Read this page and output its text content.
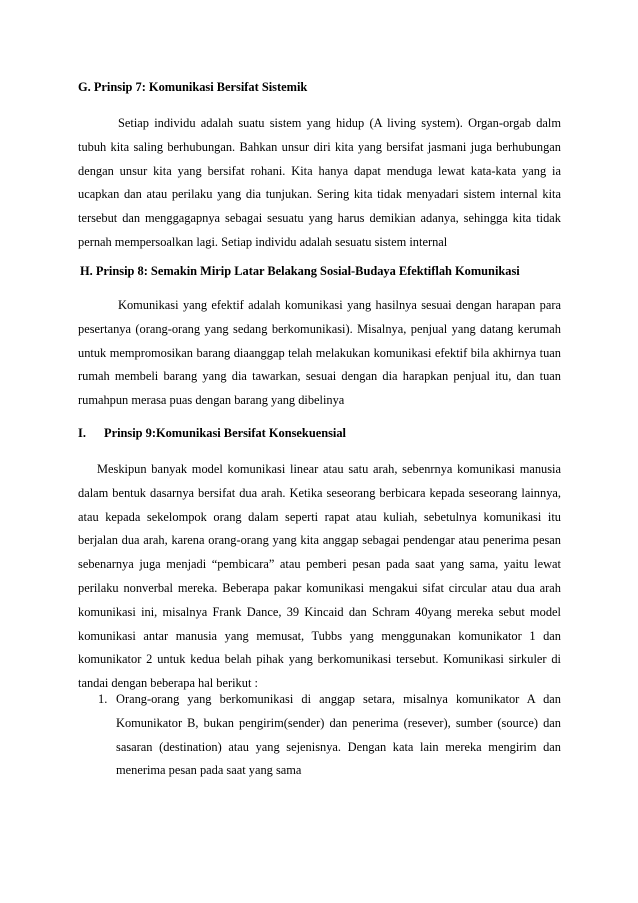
G. Prinsip 7: Komunikasi Bersifat Sistemik

Setiap individu adalah suatu sistem yang hidup (A living system). Organ-orgab dalm tubuh kita saling berhubungan. Bahkan unsur diri kita yang bersifat jasmani juga berhubungan dengan unsur kita yang bersifat rohani. Kita hanya dapat menduga lewat kata-kata yang ia ucapkan dan atau perilaku yang dia tunjukan. Sering kita tidak menyadari sistem internal kita tersebut dan menggagapnya sebagai sesuatu yang harus demikian adanya, sehingga kita tidak pernah mempersoalkan lagi. Setiap individu adalah sesuatu sistem internal

H. Prinsip 8: Semakin Mirip Latar Belakang Sosial-Budaya Efektiflah Komunikasi

Komunikasi yang efektif adalah komunikasi yang hasilnya sesuai dengan harapan para pesertanya (orang-orang yang sedang berkomunikasi). Misalnya, penjual yang datang kerumah untuk mempromosikan barang diaanggap telah melakukan komunikasi efektif bila akhirnya tuan rumah membeli barang yang dia tawarkan, sesuai dengan dia harapkan penjual itu, dan tuan rumahpun merasa puas dengan barang yang dibelinya

I. Prinsip 9:Komunikasi Bersifat Konsekuensial

Meskipun banyak model komunikasi linear atau satu arah, sebenrnya komunikasi manusia dalam bentuk dasarnya bersifat dua arah. Ketika seseorang berbicara kepada seseorang lainnya, atau kepada sekelompok orang dalam seperti rapat atau kuliah, sebetulnya komunikasi itu berjalan dua arah, karena orang-orang yang kita anggap sebagai pendengar atau penerima pesan sebenarnya juga menjadi “pembicara” atau pemberi pesan pada saat yang sama, yaitu lewat perilaku nonverbal mereka. Beberapa pakar komunikasi mengakui sifat circular atau dua arah komunikasi ini, misalnya Frank Dance, 39 Kincaid dan Schram 40yang mereka sebut model komunikasi antar manusia yang memusat, Tubbs yang menggunakan komunikator 1 dan komunikator 2 untuk kedua belah pihak yang berkomunikasi tersebut. Komunikasi sirkuler di tandai dengan beberapa hal berikut :

1. Orang-orang yang berkomunikasi di anggap setara, misalnya komunikator A dan Komunikator B, bukan pengirim(sender) dan penerima (resever), sumber (source) dan sasaran (destination) atau yang sejenisnya. Dengan kata lain mereka mengirim dan menerima pesan pada saat yang sama
